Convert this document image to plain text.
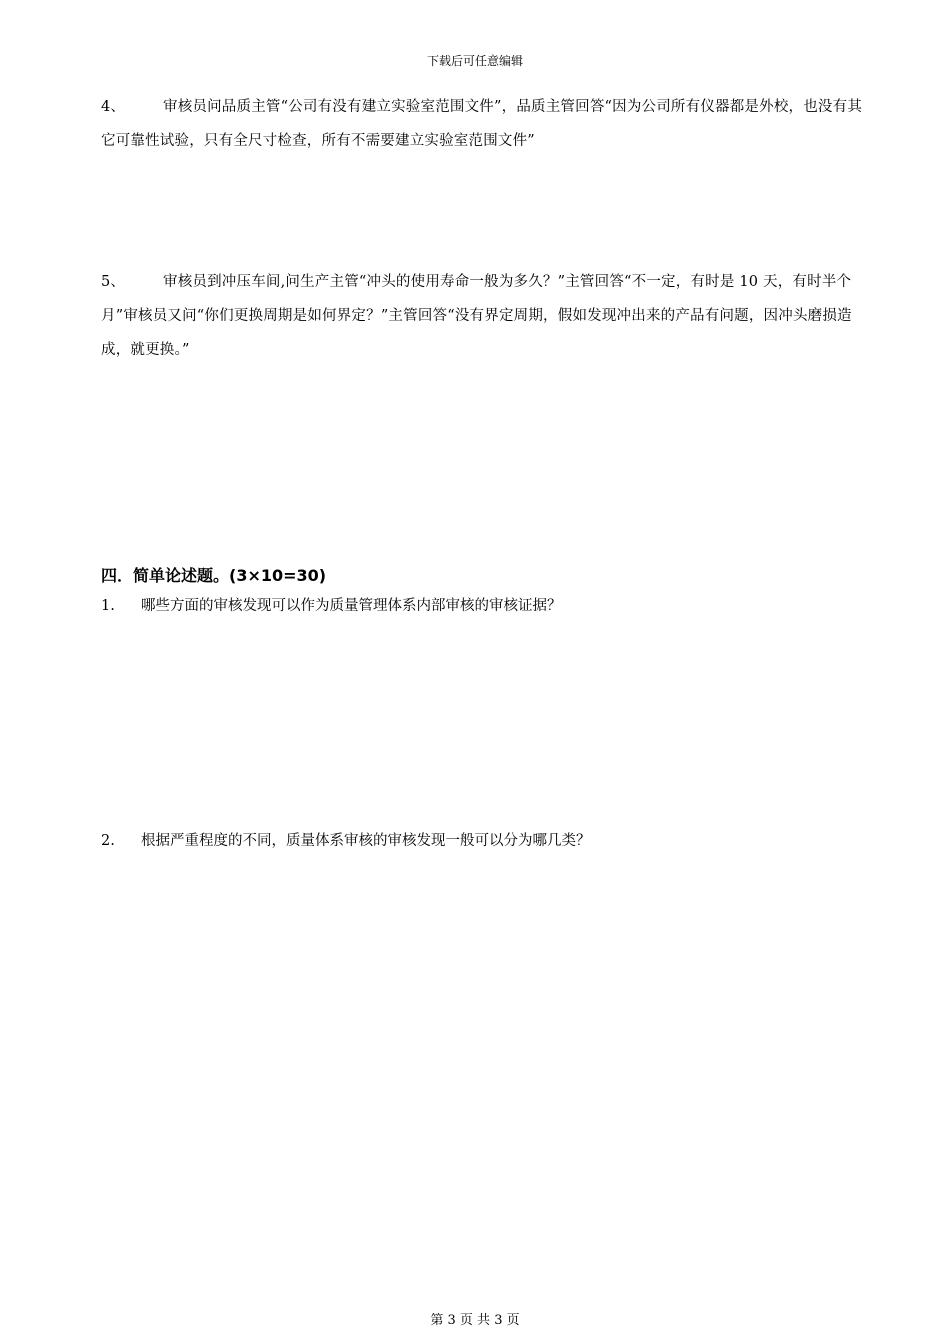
下载后可任意编辑
4、	审核员问品质主管“公司有没有建立实验室范围文件”，品质主管回答“因为公司所有仪器都是外校，也没有其它可靠性试验，只有全尺寸检查，所有不需要建立实验室范围文件”
5、	审核员到冲压车间,问生产主管“冲头的使用寿命一般为多久？”主管回答“不一定，有时是 10 天，有时半个月”审核员又问“你们更换周期是如何界定？”主管回答“没有界定周期，假如发现冲出来的产品有问题，因冲头磨损造成，就更换。”
四．简单论述题。(3×10=30)
1. 哪些方面的审核发现可以作为质量管理体系内部审核的审核证据？
2. 根据严重程度的不同，质量体系审核的审核发现一般可以分为哪几类？
第 3 页 共 3 页
